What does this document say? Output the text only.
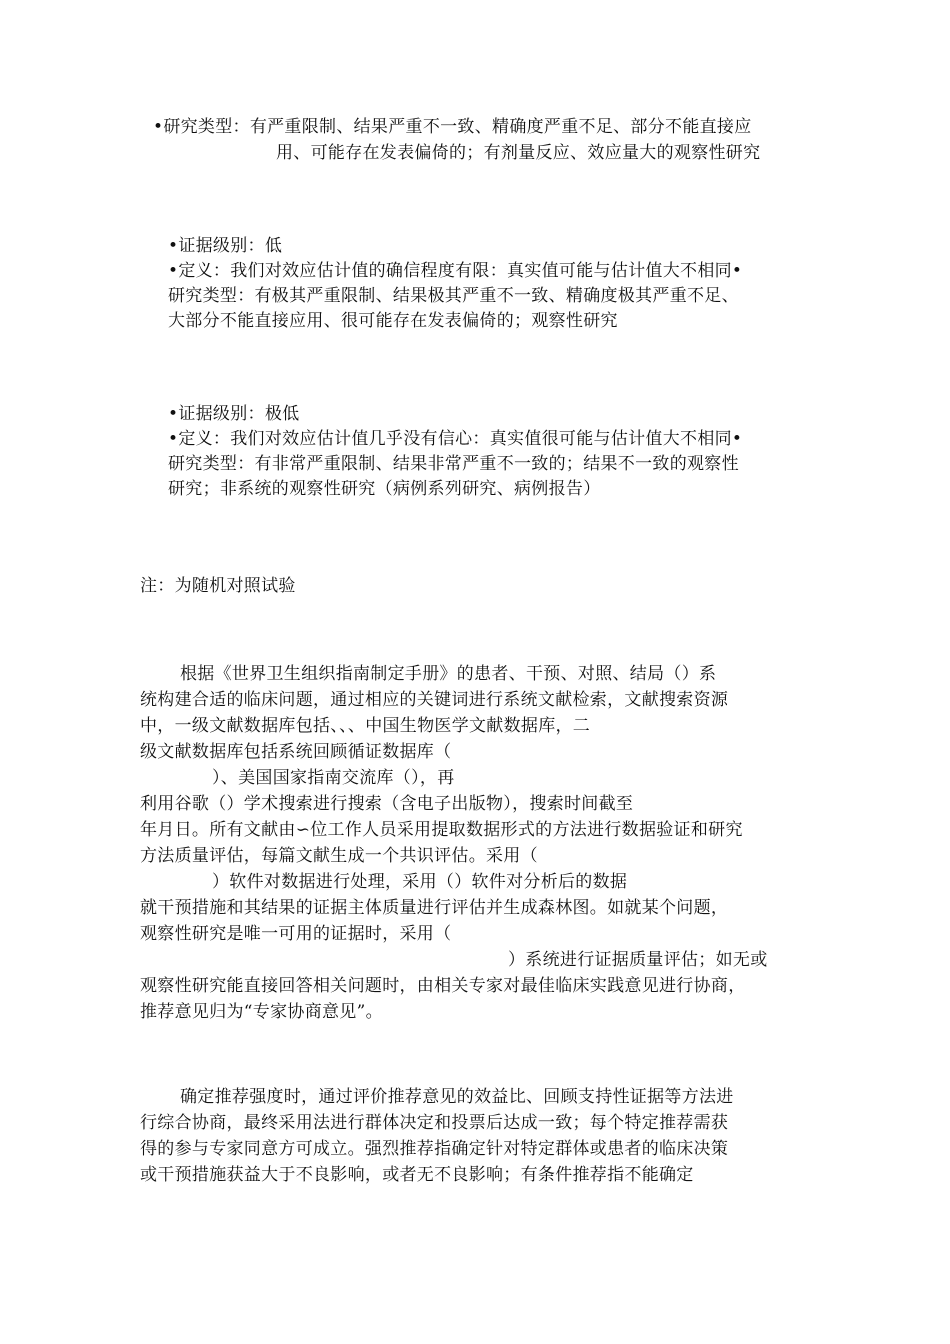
•研究类型：有严重限制、结果严重不一致、精确度严重不足、部分不能直接应
用、可能存在发表偏倚的；有剂量反应、效应量大的观察性研究
•证据级别：低
•定义：我们对效应估计值的确信程度有限：真实值可能与估计值大不相同•
研究类型：有极其严重限制、结果极其严重不一致、精确度极其严重不足、
大部分不能直接应用、很可能存在发表偏倚的；观察性研究
•证据级别：极低
•定义：我们对效应估计值几乎没有信心：真实值很可能与估计值大不相同•
研究类型：有非常严重限制、结果非常严重不一致的；结果不一致的观察性
研究；非系统的观察性研究（病例系列研究、病例报告）
注：为随机对照试验
根据《世界卫生组织指南制定手册》的患者、干预、对照、结局（）系
统构建合适的临床问题，通过相应的关键词进行系统文献检索，文献搜索资源
中，一级文献数据库包括、、、中国生物医学文献数据库，二
级文献数据库包括系统回顾循证数据库（
）、美国国家指南交流库（），再
利用谷歌（）学术搜索进行搜索（含电子出版物），搜索时间截至
年月日。所有文献由∽位工作人员采用提取数据形式的方法进行数据验证和研究
方法质量评估，每篇文献生成一个共识评估。采用（
）软件对数据进行处理，采用（）软件对分析后的数据
就干预措施和其结果的证据主体质量进行评估并生成森林图。如就某个问题，
观察性研究是唯一可用的证据时，采用（
）系统进行证据质量评估；如无或
观察性研究能直接回答相关问题时，由相关专家对最佳临床实践意见进行协商，
推荐意见归为“专家协商意见”。
确定推荐强度时，通过评价推荐意见的效益比、回顾支持性证据等方法进
行综合协商，最终采用法进行群体决定和投票后达成一致；每个特定推荐需获
得的参与专家同意方可成立。强烈推荐指确定针对特定群体或患者的临床决策
或干预措施获益大于不良影响，或者无不良影响；有条件推荐指不能确定
